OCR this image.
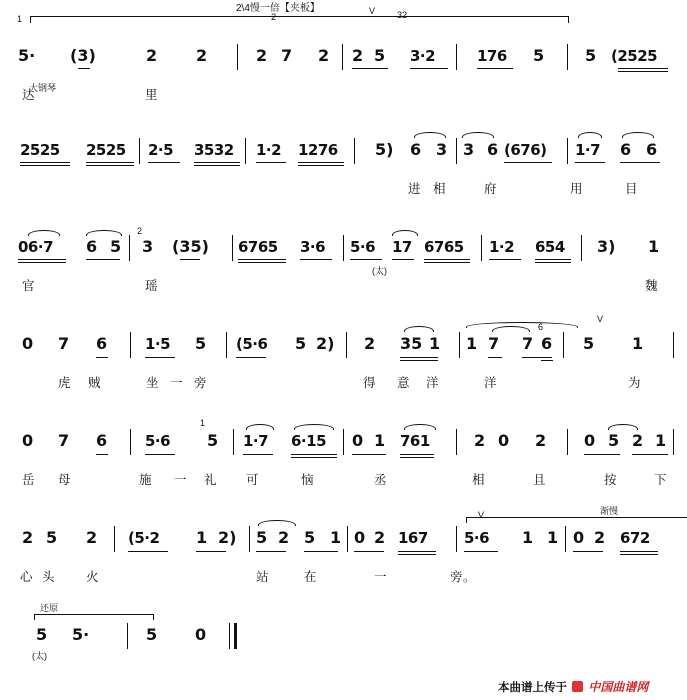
2\4慢一倍【夹板】	V
1	2	32
5· (3)	2 2	2 7 2 2 5 3·2	176 5	5 (2525
达
大钢琴	里
2525 2525 2·5 3532 1·2 1276 5) 6 3 3 6 (676) 1·7 6 6
进 相	府	用	目
06·7 6 5
2
3 (35) 6765 3·6 5·6 17 6765 1·2 654 3) 1
(太)
官	瑶	魏
0 7 6	1·5 5 (5·6 5 2) 2 35 1 1 7 7 6 5 1
V
6
虎 贼	坐 一 旁	得 意 洋	洋	为
0 7 6	5·6
1
5 1·7 6·15 0 1 761	2 0 2 0 5 2 1
岳 母	施 一 礼 可	恼	丞	相	且	按	下
2 5 2 (5·2 1 2) 5 2 5 1 0 2 167 5·6 1 1 0 2 672
渐慢
V
心 头 火	站	在	一	旁。
还原
5 5·	5 0
(太)
本曲谱上传于 中国曲谱网
